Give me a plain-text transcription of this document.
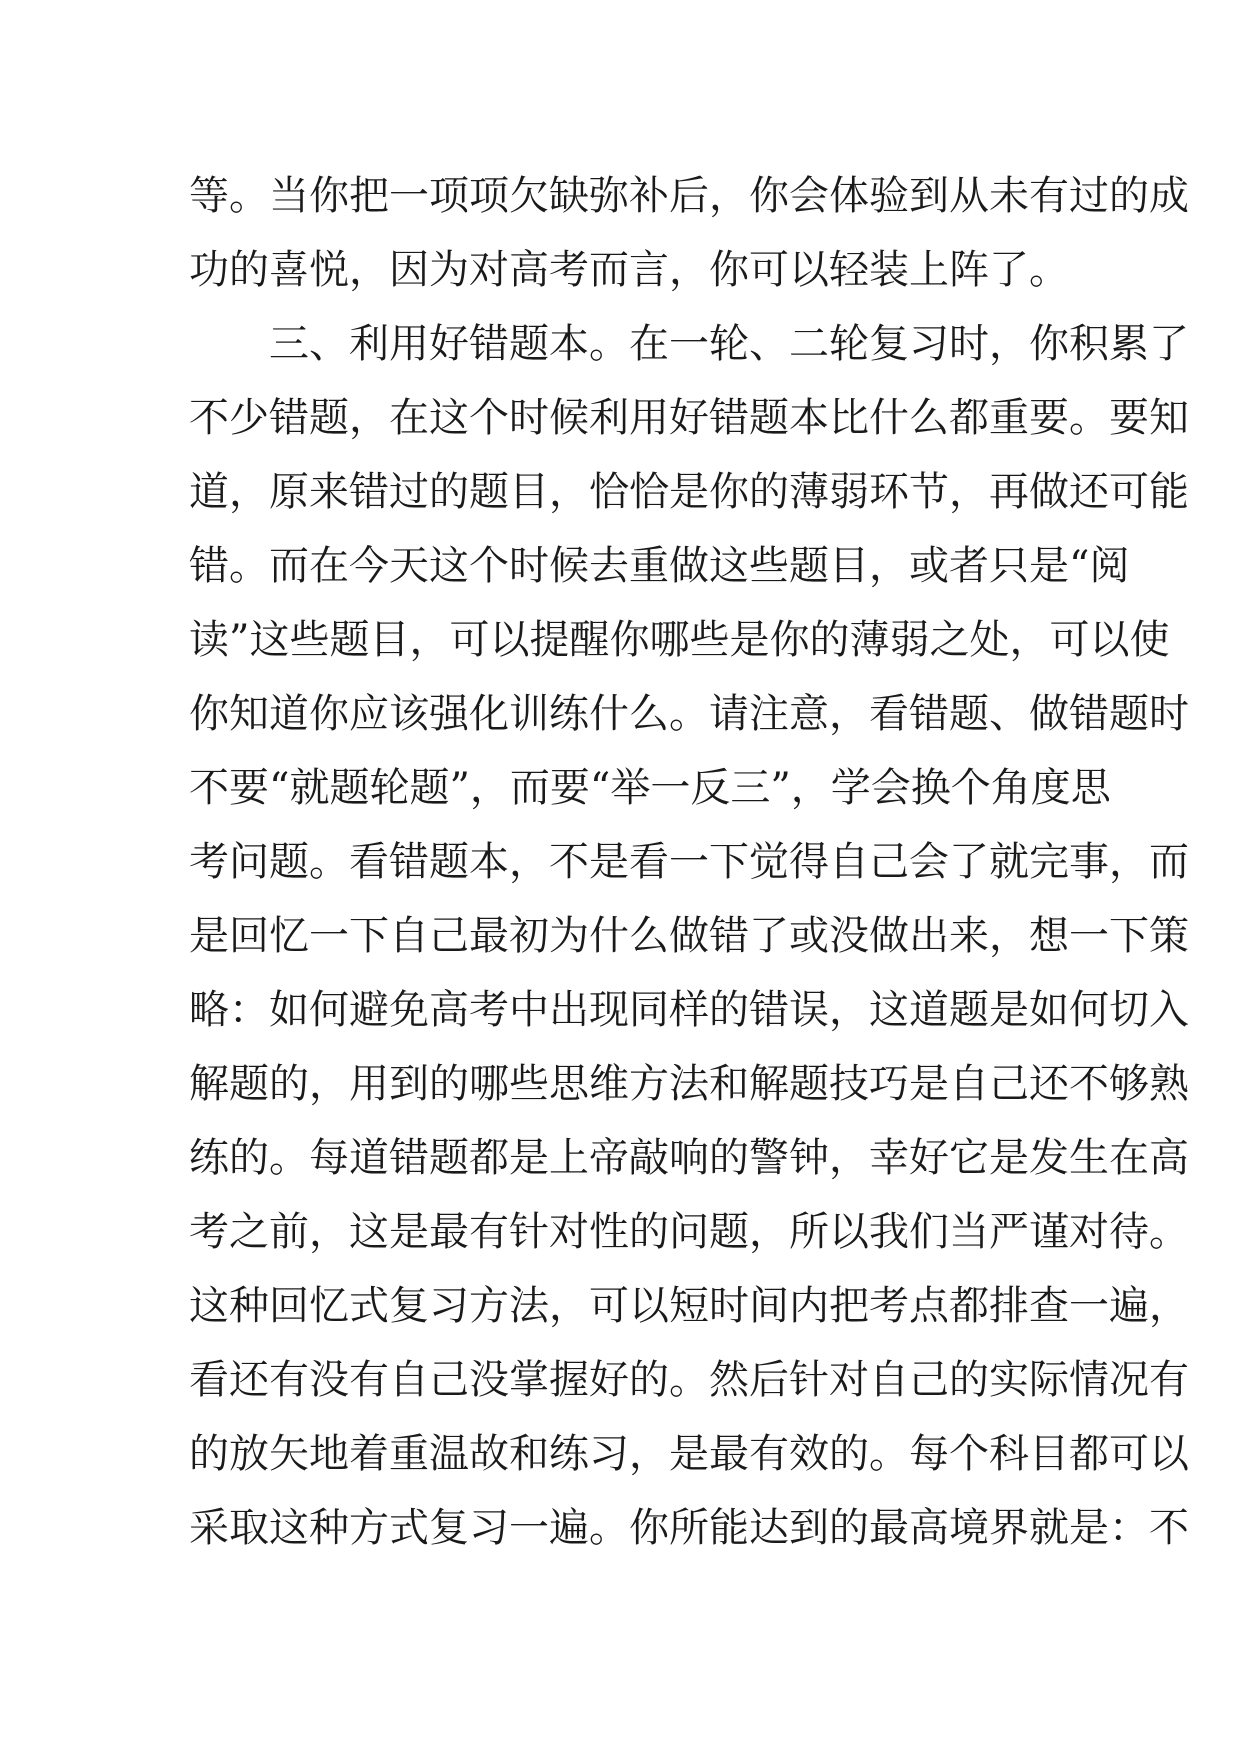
等。当你把一项项欠缺弥补后，你会体验到从未有过的成
功的喜悦，因为对高考而言，你可以轻装上阵了。
三、利用好错题本。在一轮、二轮复习时，你积累了
不少错题，在这个时候利用好错题本比什么都重要。要知
道，原来错过的题目，恰恰是你的薄弱环节，再做还可能
错。而在今天这个时候去重做这些题目，或者只是“阅
读”这些题目，可以提醒你哪些是你的薄弱之处，可以使
你知道你应该强化训练什么。请注意，看错题、做错题时
不要“就题轮题”，而要“举一反三”，学会换个角度思
考问题。看错题本，不是看一下觉得自己会了就完事，而
是回忆一下自己最初为什么做错了或没做出来，想一下策
略：如何避免高考中出现同样的错误，这道题是如何切入
解题的，用到的哪些思维方法和解题技巧是自己还不够熟
练的。每道错题都是上帝敲响的警钟，幸好它是发生在高
考之前，这是最有针对性的问题，所以我们当严谨对待。
这种回忆式复习方法，可以短时间内把考点都排查一遍，
看还有没有自己没掌握好的。然后针对自己的实际情况有
的放矢地着重温故和练习，是最有效的。每个科目都可以
采取这种方式复习一遍。你所能达到的最高境界就是：不
